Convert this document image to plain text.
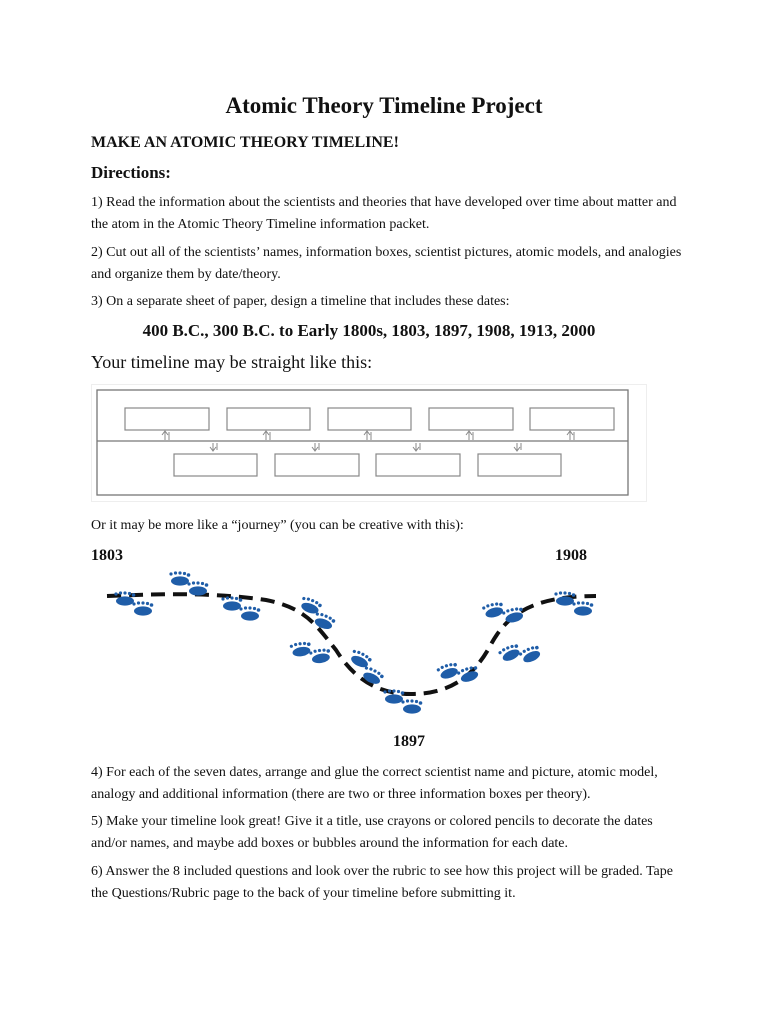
Atomic Theory Timeline Project

MAKE AN ATOMIC THEORY TIMELINE!

Directions:

1) Read the information about the scientists and theories that have developed over time about matter and the atom in the Atomic Theory Timeline information packet.

2) Cut out all of the scientists’ names, information boxes, scientist pictures, atomic models, and analogies and organize them by date/theory.

3) On a separate sheet of paper, design a timeline that includes these dates:

400 B.C., 300 B.C. to Early 1800s, 1803, 1897, 1908, 1913, 2000

Your timeline may be straight like this:

Or it may be more like a “journey” (you can be creative with this):

1803	1908

1897

4) For each of the seven dates, arrange and glue the correct scientist name and picture, atomic model, analogy and additional information (there are two or three information boxes per theory).

5) Make your timeline look great! Give it a title, use crayons or colored pencils to decorate the dates and/or names, and maybe add boxes or bubbles around the information for each date.

6) Answer the 8 included questions and look over the rubric to see how this project will be graded. Tape the Questions/Rubric page to the back of your timeline before submitting it.
